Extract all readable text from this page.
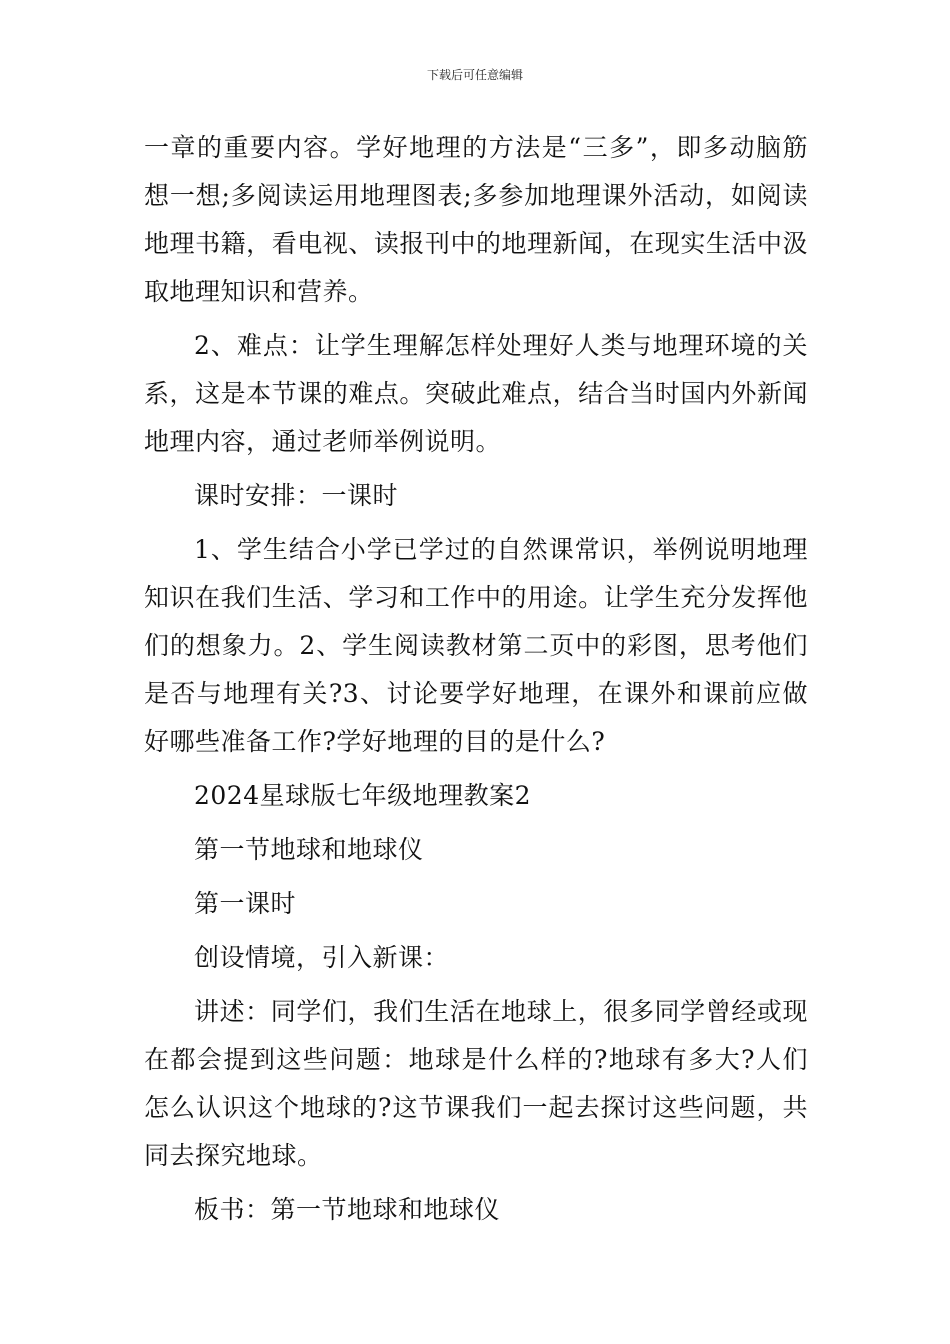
下载后可任意编辑

一章的重要内容。学好地理的方法是“三多”，即多动脑筋想一想;多阅读运用地理图表;多参加地理课外活动，如阅读地理书籍，看电视、读报刊中的地理新闻，在现实生活中汲取地理知识和营养。

2、难点：让学生理解怎样处理好人类与地理环境的关系，这是本节课的难点。突破此难点，结合当时国内外新闻地理内容，通过老师举例说明。

课时安排：一课时

1、学生结合小学已学过的自然课常识，举例说明地理知识在我们生活、学习和工作中的用途。让学生充分发挥他们的想象力。2、学生阅读教材第二页中的彩图，思考他们是否与地理有关?3、讨论要学好地理，在课外和课前应做好哪些准备工作?学好地理的目的是什么?

2024星球版七年级地理教案2

第一节地球和地球仪

第一课时

创设情境，引入新课：

讲述：同学们，我们生活在地球上，很多同学曾经或现在都会提到这些问题：地球是什么样的?地球有多大?人们怎么认识这个地球的?这节课我们一起去探讨这些问题，共同去探究地球。

板书：第一节地球和地球仪
